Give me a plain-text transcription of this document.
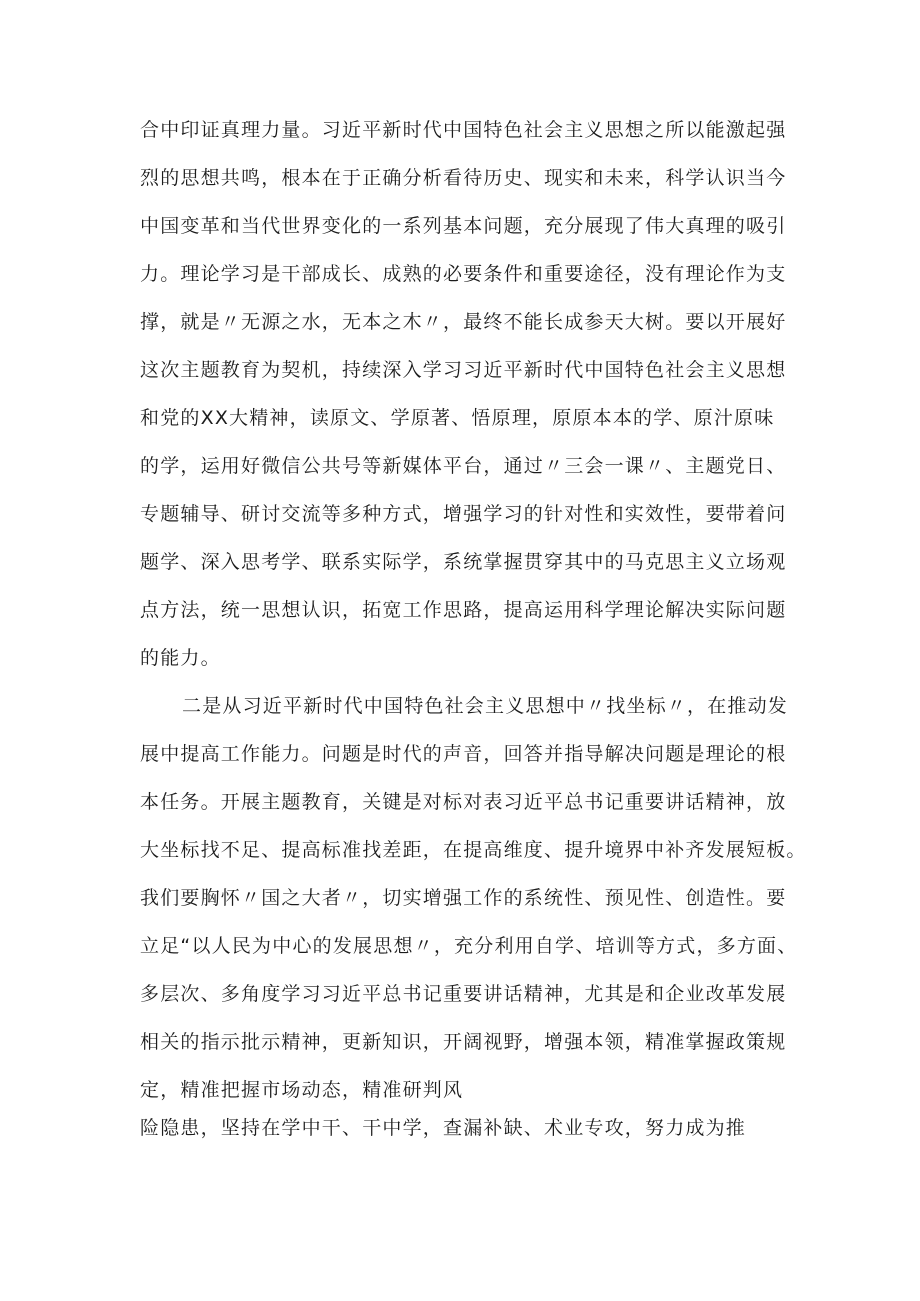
合中印证真理力量。习近平新时代中国特色社会主义思想之所以能激起强
烈的思想共鸣，根本在于正确分析看待历史、现实和未来，科学认识当今
中国变革和当代世界变化的一系列基本问题，充分展现了伟大真理的吸引
力。理论学习是干部成长、成熟的必要条件和重要途径，没有理论作为支
撑，就是〃无源之水，无本之木〃，最终不能长成参天大树。要以开展好
这次主题教育为契机，持续深入学习习近平新时代中国特色社会主义思想
和党的XX大精神，读原文、学原著、悟原理，原原本本的学、原汁原味
的学，运用好微信公共号等新媒体平台，通过〃三会一课〃、主题党日、
专题辅导、研讨交流等多种方式，增强学习的针对性和实效性，要带着问
题学、深入思考学、联系实际学，系统掌握贯穿其中的马克思主义立场观
点方法，统一思想认识，拓宽工作思路，提高运用科学理论解决实际问题
的能力。
二是从习近平新时代中国特色社会主义思想中〃找坐标〃，在推动发
展中提高工作能力。问题是时代的声音，回答并指导解决问题是理论的根
本任务。开展主题教育，关键是对标对表习近平总书记重要讲话精神，放
大坐标找不足、提高标准找差距，在提高维度、提升境界中补齐发展短板。
我们要胸怀〃国之大者〃，切实增强工作的系统性、预见性、创造性。要
立足“以人民为中心的发展思想〃，充分利用自学、培训等方式，多方面、
多层次、多角度学习习近平总书记重要讲话精神，尤其是和企业改革发展
相关的指示批示精神，更新知识，开阔视野，增强本领，精准掌握政策规
定，精准把握市场动态，精准研判风
险隐患，坚持在学中干、干中学，查漏补缺、术业专攻，努力成为推
